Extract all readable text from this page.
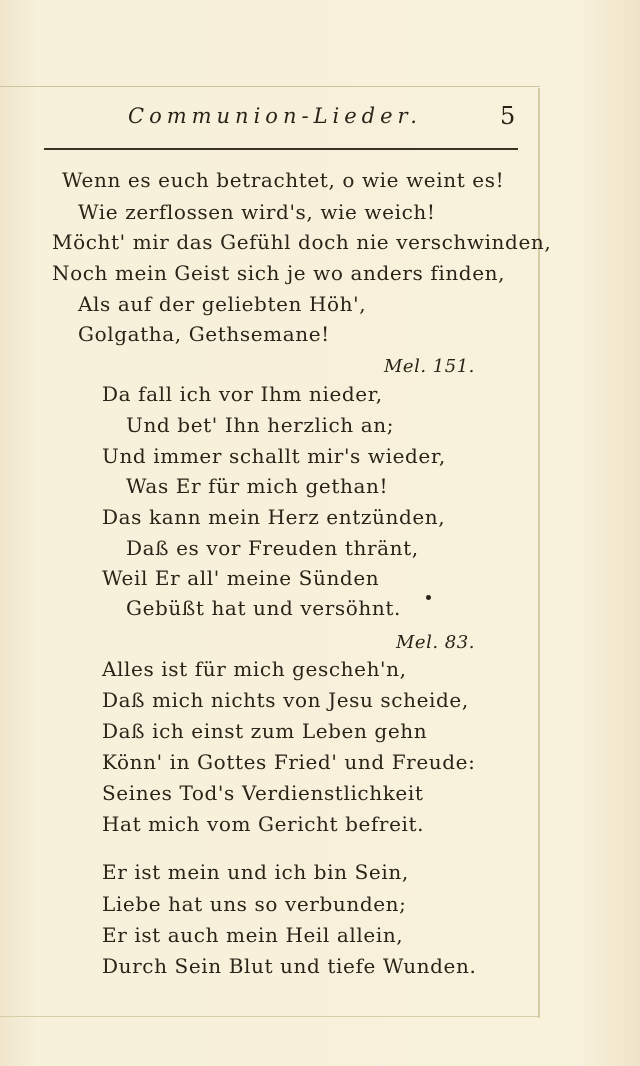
Communion-Lieder.	5
Wenn es euch betrachtet, o wie weint es!
Wie zerflossen wird's, wie weich!
Möcht' mir das Gefühl doch nie verschwinden,
Noch mein Geist sich je wo anders finden,
Als auf der geliebten Höh',
Golgatha, Gethsemane!
Mel. 151.
Da fall ich vor Ihm nieder,
Und bet' Ihn herzlich an;
Und immer schallt mir's wieder,
Was Er für mich gethan!
Das kann mein Herz entzünden,
Daß es vor Freuden thränt,
Weil Er all' meine Sünden
Gebüßt hat und versöhnt.
Mel. 83.
Alles ist für mich gescheh'n,
Daß mich nichts von Jesu scheide,
Daß ich einst zum Leben gehn
Könn' in Gottes Fried' und Freude:
Seines Tod's Verdienstlichkeit
Hat mich vom Gericht befreit.
Er ist mein und ich bin Sein,
Liebe hat uns so verbunden;
Er ist auch mein Heil allein,
Durch Sein Blut und tiefe Wunden.
